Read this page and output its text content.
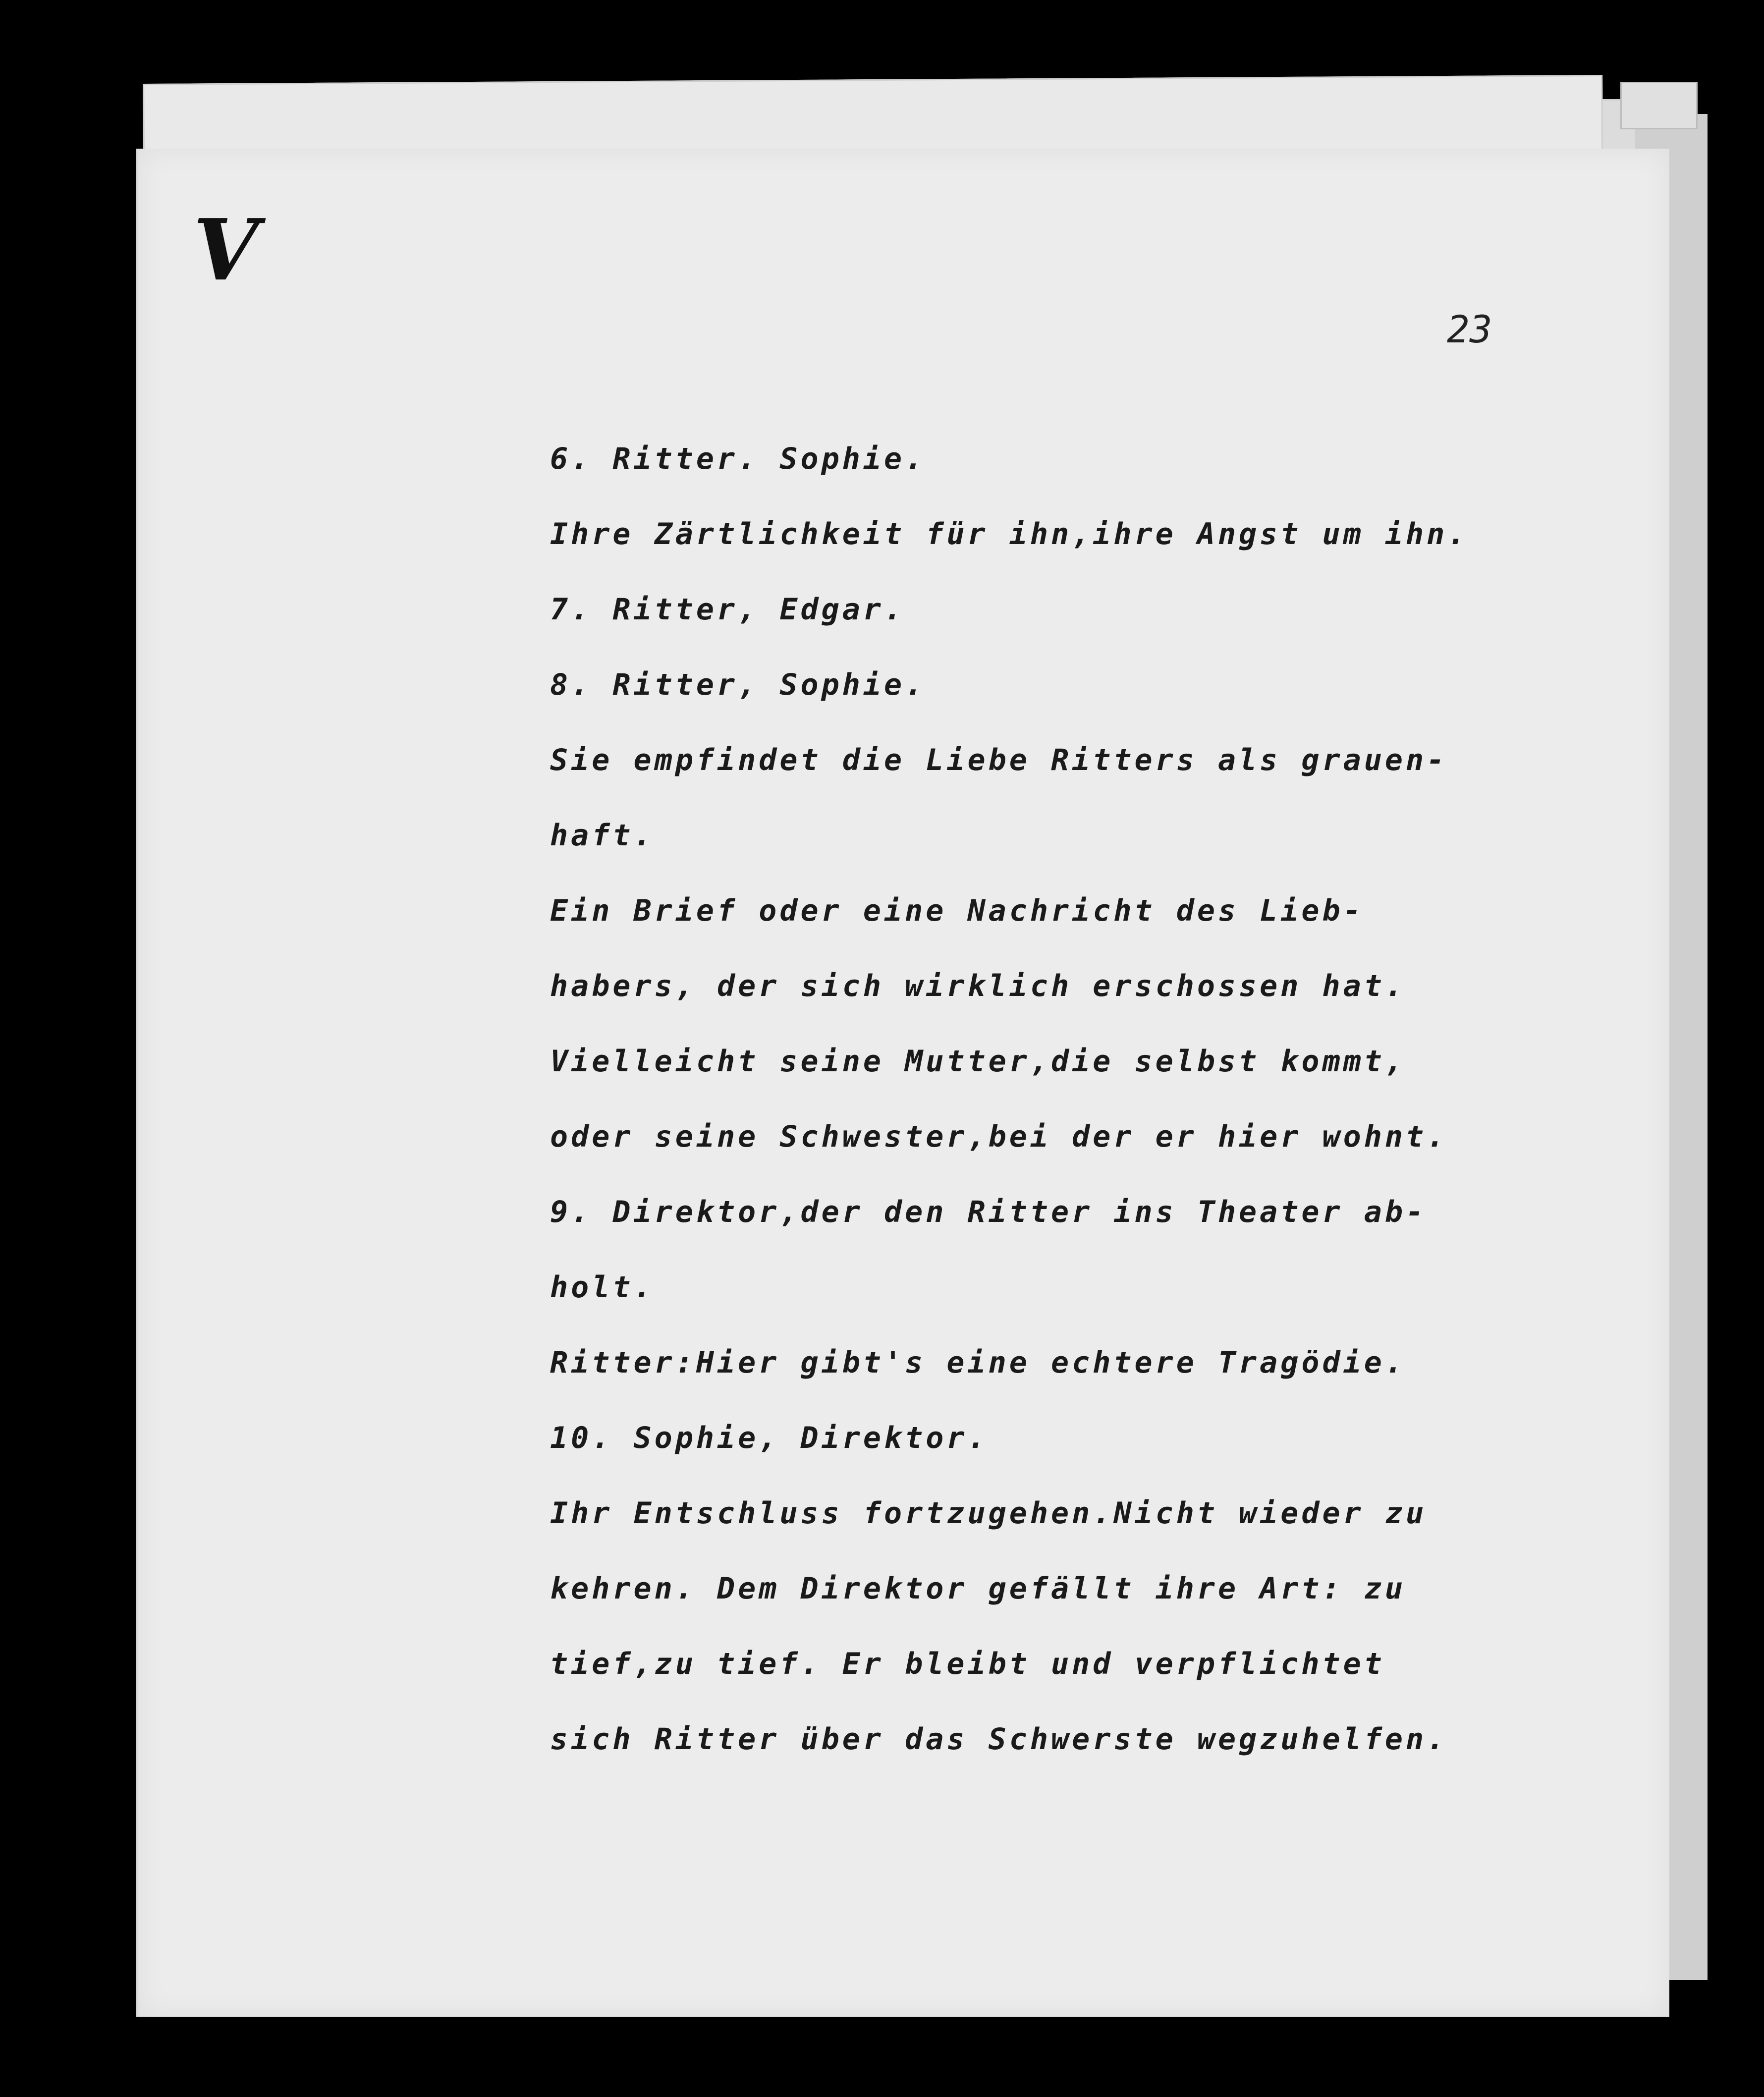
V
23
6. Ritter. Sophie.
Ihre Zärtlichkeit für ihn,ihre Angst um ihn.
7. Ritter, Edgar.
8. Ritter, Sophie.
Sie empfindet die Liebe Ritters als grauen-
haft.
Ein Brief oder eine Nachricht des Lieb-
habers, der sich wirklich erschossen hat.
Vielleicht seine Mutter,die selbst kommt,
oder seine Schwester,bei der er hier wohnt.
9. Direktor,der den Ritter ins Theater ab-
holt.
Ritter:Hier gibt's eine echtere Tragödie.
10. Sophie, Direktor.
Ihr Entschluss fortzugehen.Nicht wieder zu
kehren. Dem Direktor gefällt ihre Art: zu
tief,zu tief. Er bleibt und verpflichtet
sich Ritter über das Schwerste wegzuhelfen.
